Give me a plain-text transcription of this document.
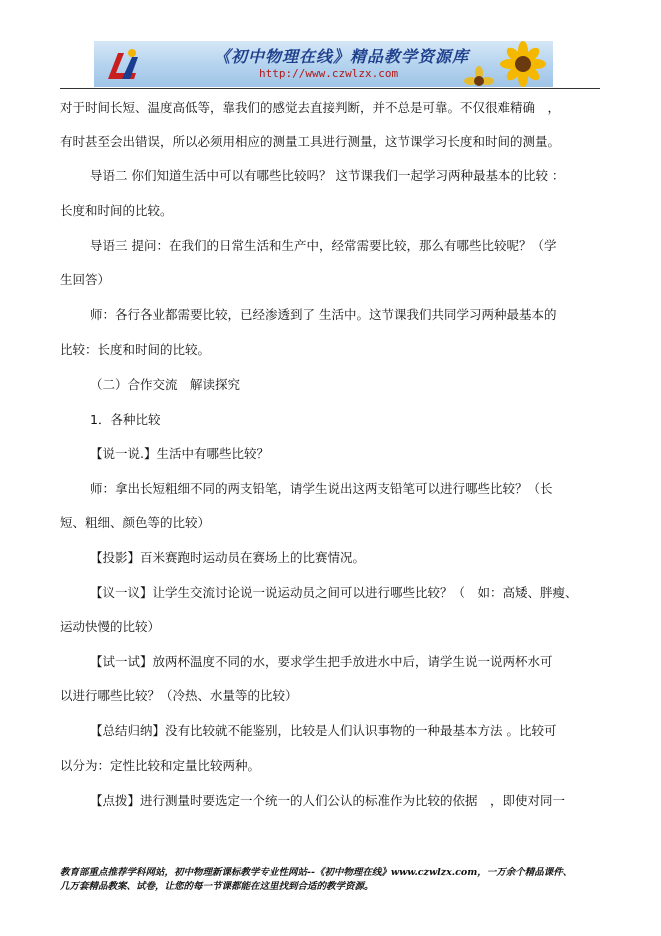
《初中物理在线》精品教学资源库
http://www.czwlzx.com
对于时间长短、温度高低等，靠我们的感觉去直接判断，并不总是可靠。不仅很难精确　，
有时甚至会出错误，所以必须用相应的测量工具进行测量，这节课学习长度和时间的测量。
导语二 你们知道生活中可以有哪些比较吗？ 这节课我们一起学习两种最基本的比较 ：
长度和时间的比较。
导语三 提问：在我们的日常生活和生产中，经常需要比较，那么有哪些比较呢？（学
生回答）
师：各行各业都需要比较，已经渗透到了 生活中。这节课我们共同学习两种最基本的
比较：长度和时间的比较。
（二）合作交流　解读探究
1．各种比较
【说一说.】生活中有哪些比较？
师：拿出长短粗细不同的两支铅笔，请学生说出这两支铅笔可以进行哪些比较？（长
短、粗细、颜色等的比较）
【投影】百米赛跑时运动员在赛场上的比赛情况。
【议一议】让学生交流讨论说一说运动员之间可以进行哪些比较？（　如：高矮、胖瘦、
运动快慢的比较）
【试一试】放两杯温度不同的水，要求学生把手放进水中后，请学生说一说两杯水可
以进行哪些比较？（冷热、水量等的比较）
【总结归纳】没有比较就不能鉴别，比较是人们认识事物的一种最基本方法 。比较可
以分为：定性比较和定量比较两种。
【点拨】进行测量时要选定一个统一的人们公认的标准作为比较的依据　，即使对同一
教育部重点推荐学科网站，初中物理新课标教学专业性网站--《初中物理在线》www.czwlzx.com，一万余个精品课件、
几万套精品教案、试卷，让您的每一节课都能在这里找到合适的教学资源。
